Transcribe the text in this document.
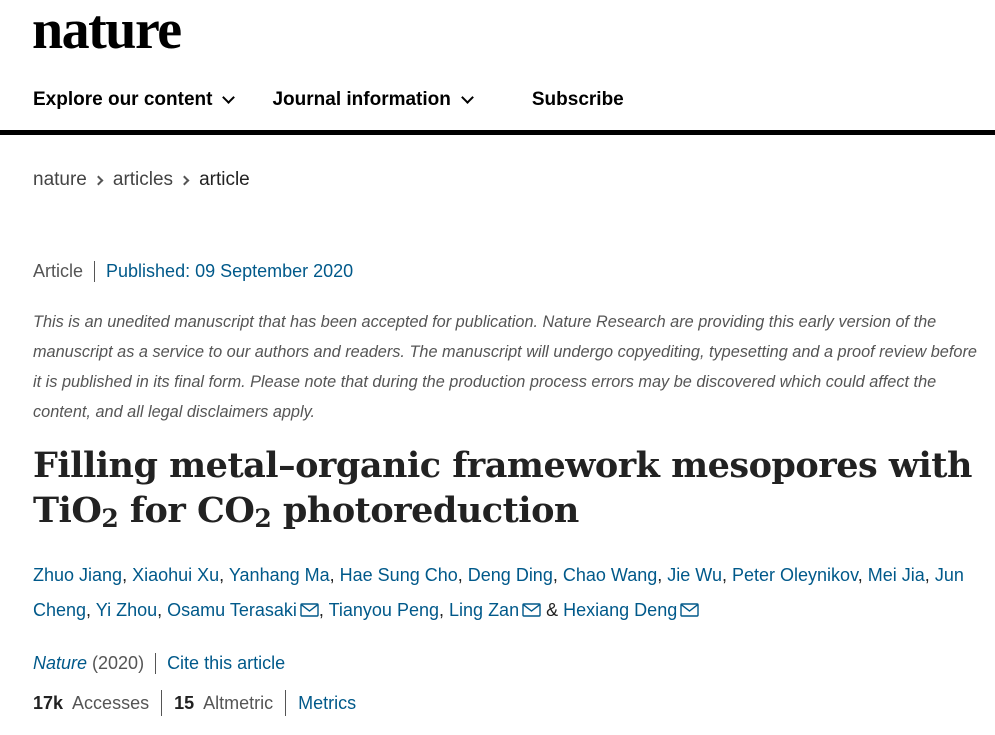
nature
Explore our content	Journal information	Subscribe
nature articles article
Article	Published: 09 September 2020

This is an unedited manuscript that has been accepted for publication. Nature Research are providing this early version of the manuscript as a service to our authors and readers. The manuscript will undergo copyediting, typesetting and a proof review before it is published in its final form. Please note that during the production process errors may be discovered which could affect the content, and all legal disclaimers apply.

Filling metal–organic framework mesopores with TiO$_2$ for $CO_2$ photoreduction
Zhuo Jiang, Xiaohui Xu, Yanhang Ma, Hae Sung Cho, Deng Ding, Chao Wang, Jie Wu, Peter Oleynikov, Mei Jia, Jun Cheng, Yi Zhou, Osamu Terasaki , Tianyou Peng, Ling Zan & Hexiang Deng
Nature (2020)	Cite this article
17k Accesses 15 Altmetric Metrics
